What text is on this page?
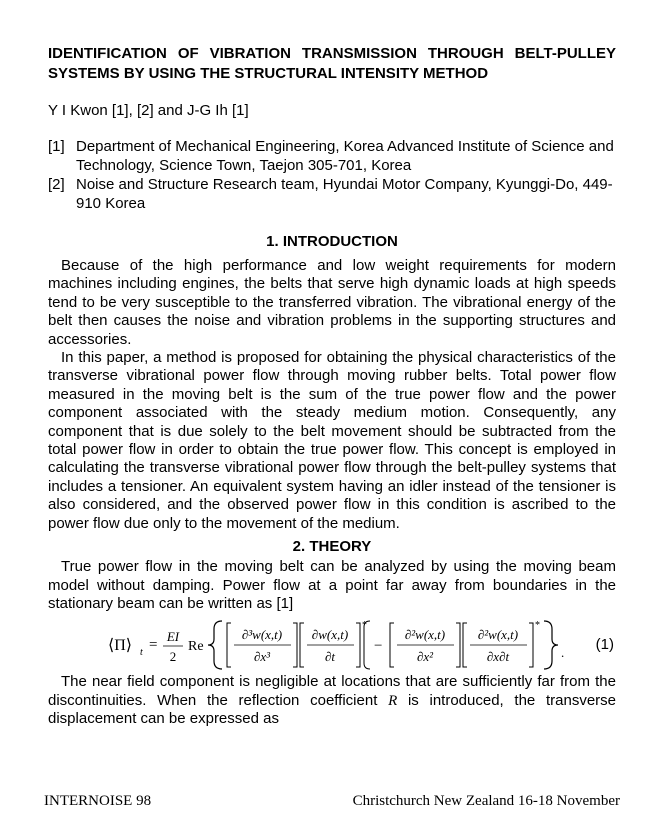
IDENTIFICATION OF VIBRATION TRANSMISSION THROUGH BELT-PULLEY SYSTEMS BY USING THE STRUCTURAL INTENSITY METHOD
Y I Kwon [1], [2] and J-G Ih [1]
[1] Department of Mechanical Engineering, Korea Advanced Institute of Science and Technology, Science Town, Taejon 305-701, Korea
[2] Noise and Structure Research team, Hyundai Motor Company, Kyunggi-Do, 449-910 Korea
1. INTRODUCTION

Because of the high performance and low weight requirements for modern machines including engines, the belts that serve high dynamic loads at high speeds tend to be very susceptible to the transferred vibration. The vibrational energy of the belt then causes the noise and vibration problems in the supporting structures and accessories.

In this paper, a method is proposed for obtaining the physical characteristics of the transverse vibrational power flow through moving rubber belts. Total power flow measured in the moving belt is the sum of the true power flow and the power component associated with the steady medium motion. Consequently, any component that is due solely to the belt movement should be subtracted from the total power flow in order to obtain the true power flow. This concept is employed in calculating the transverse vibrational power flow through the belt-pulley systems that includes a tensioner. An equivalent system having an idler instead of the tensioner is also considered, and the observed power flow in this condition is ascribed to the power flow due only to the movement of the medium.

2. THEORY

True power flow in the moving belt can be analyzed by using the moving beam model without damping. Power flow at a point far away from boundaries in the stationary beam can be written as [1]

⟨Π⟩ t =
EI
2
Re
∂³w(x,t)
∂x³
∂w(x,t)
∂t
*
−
∂²w(x,t)
∂x²
∂²w(x,t)
∂x∂t
*
. (1)

The near field component is negligible at locations that are sufficiently far from the discontinuities. When the reflection coefficient R is introduced, the transverse displacement can be expressed as

INTERNOISE 98	Christchurch New Zealand 16-18 November
